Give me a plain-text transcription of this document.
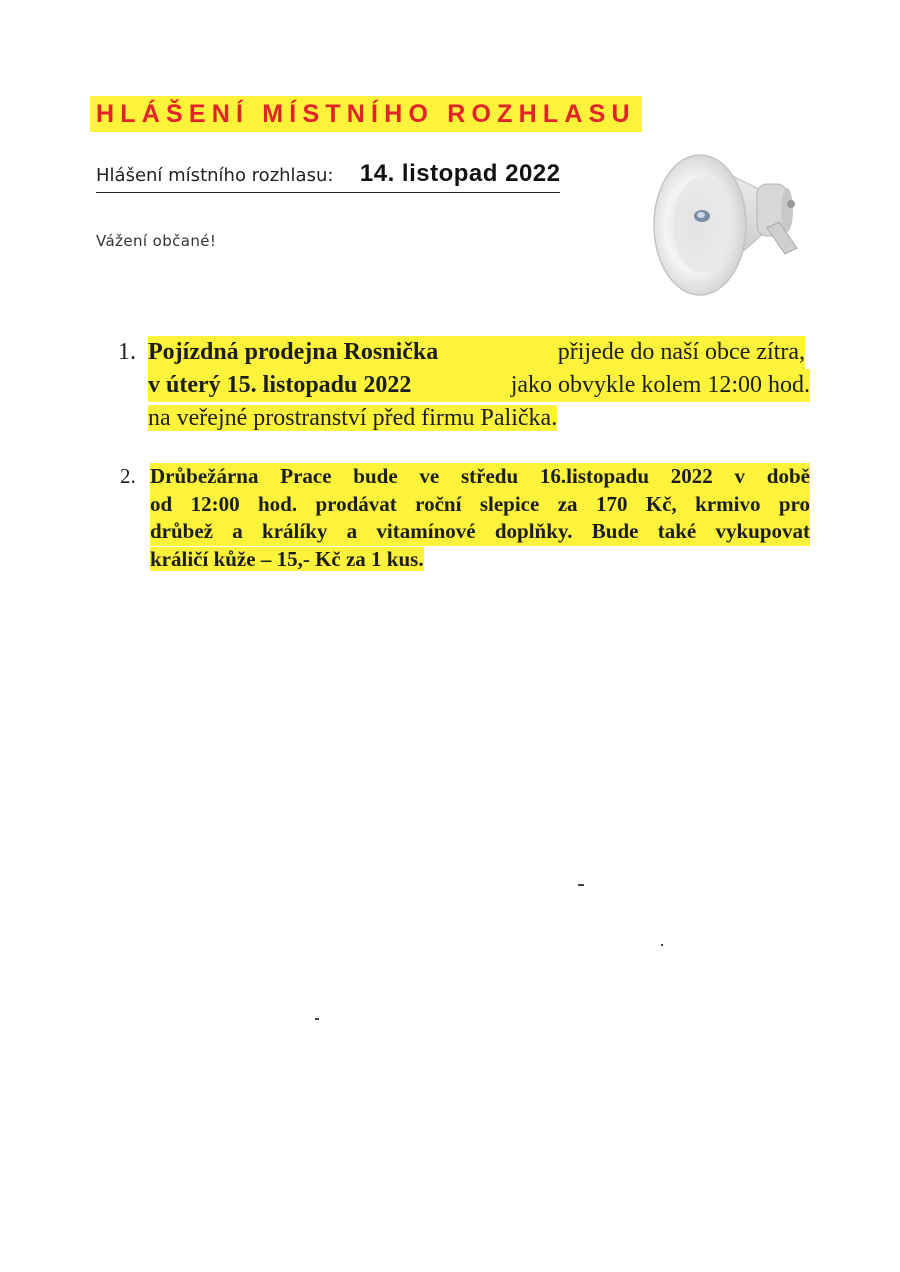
HLÁŠENÍ MÍSTNÍHO ROZHLASU
Hlášení místního rozhlasu: 14. listopad 2022
Vážení občané!
1. Pojízdná prodejna Rosnička	přijede do naší obce zítra,
v úterý 15. listopadu 2022	jako obvykle kolem 12:00 hod.
na veřejné prostranství před firmu Palička.
2. Drůbežárna Prace bude ve středu 16.listopadu 2022 v době
od 12:00 hod. prodávat roční slepice za 170 Kč, krmivo pro
drůbež a králíky a vitamínové doplňky. Bude také vykupovat
králičí kůže – 15,- Kč za 1 kus.
